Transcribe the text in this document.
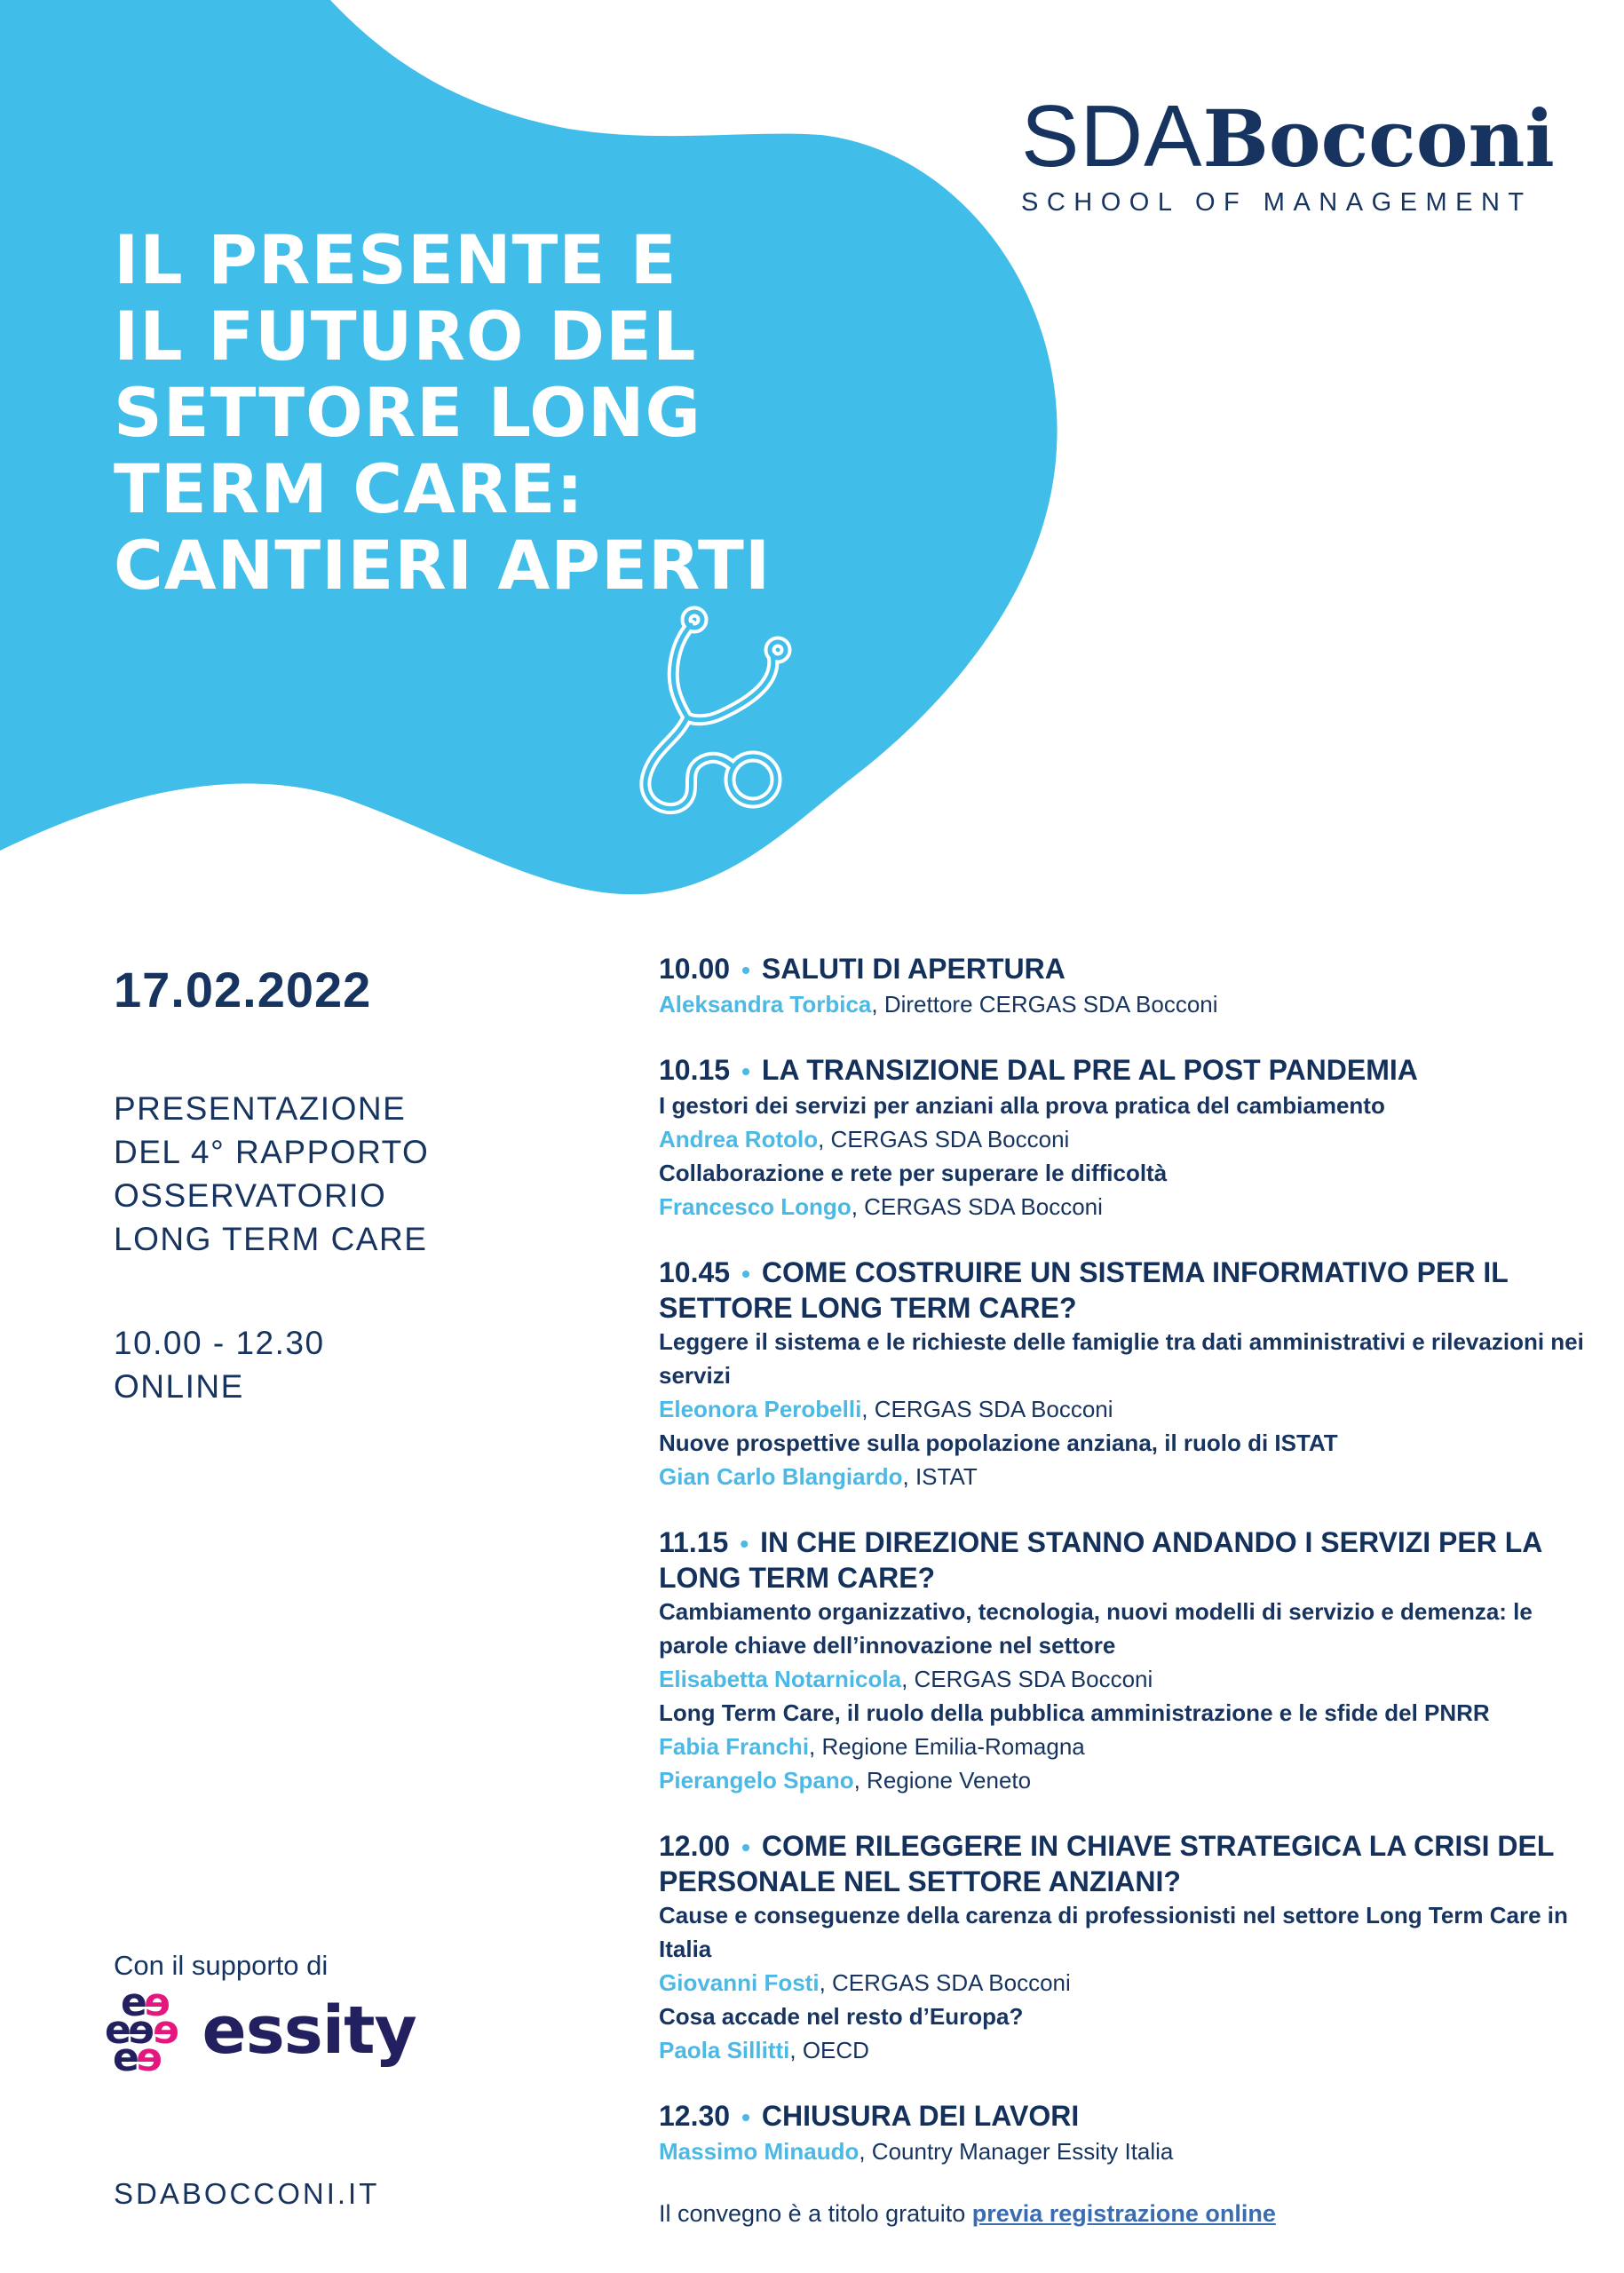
IL PRESENTE E
IL FUTURO DEL
SETTORE LONG
TERM CARE:
CANTIERI APERTI
SDA Bocconi
SCHOOL OF MANAGEMENT
17.02.2022
PRESENTAZIONE
DEL 4° RAPPORTO
OSSERVATORIO
LONG TERM CARE
10.00 - 12.30
ONLINE
Con il supporto di
e e
e e e
e e essity
SDABOCCONI.IT

10.00 • SALUTI DI APERTURA

Aleksandra Torbica, Direttore CERGAS SDA Bocconi

10.15 • LA TRANSIZIONE DAL PRE AL POST PANDEMIA

I gestori dei servizi per anziani alla prova pratica del cambiamento

Andrea Rotolo, CERGAS SDA Bocconi

Collaborazione e rete per superare le difficoltà

Francesco Longo, CERGAS SDA Bocconi

10.45 • COME COSTRUIRE UN SISTEMA INFORMATIVO PER IL SETTORE LONG TERM CARE?

Leggere il sistema e le richieste delle famiglie tra dati amministrativi e rilevazioni nei servizi

Eleonora Perobelli, CERGAS SDA Bocconi

Nuove prospettive sulla popolazione anziana, il ruolo di ISTAT

Gian Carlo Blangiardo, ISTAT

11.15 • IN CHE DIREZIONE STANNO ANDANDO I SERVIZI PER LA LONG TERM CARE?

Cambiamento organizzativo, tecnologia, nuovi modelli di servizio e demenza: le parole chiave dell’innovazione nel settore

Elisabetta Notarnicola, CERGAS SDA Bocconi

Long Term Care, il ruolo della pubblica amministrazione e le sfide del PNRR

Fabia Franchi, Regione Emilia-Romagna

Pierangelo Spano, Regione Veneto

12.00 • COME RILEGGERE IN CHIAVE STRATEGICA LA CRISI DEL PERSONALE NEL SETTORE ANZIANI?

Cause e conseguenze della carenza di professionisti nel settore Long Term Care in Italia

Giovanni Fosti, CERGAS SDA Bocconi

Cosa accade nel resto d’Europa?

Paola Sillitti, OECD

12.30 • CHIUSURA DEI LAVORI

Massimo Minaudo, Country Manager Essity Italia

Il convegno è a titolo gratuito previa registrazione online
